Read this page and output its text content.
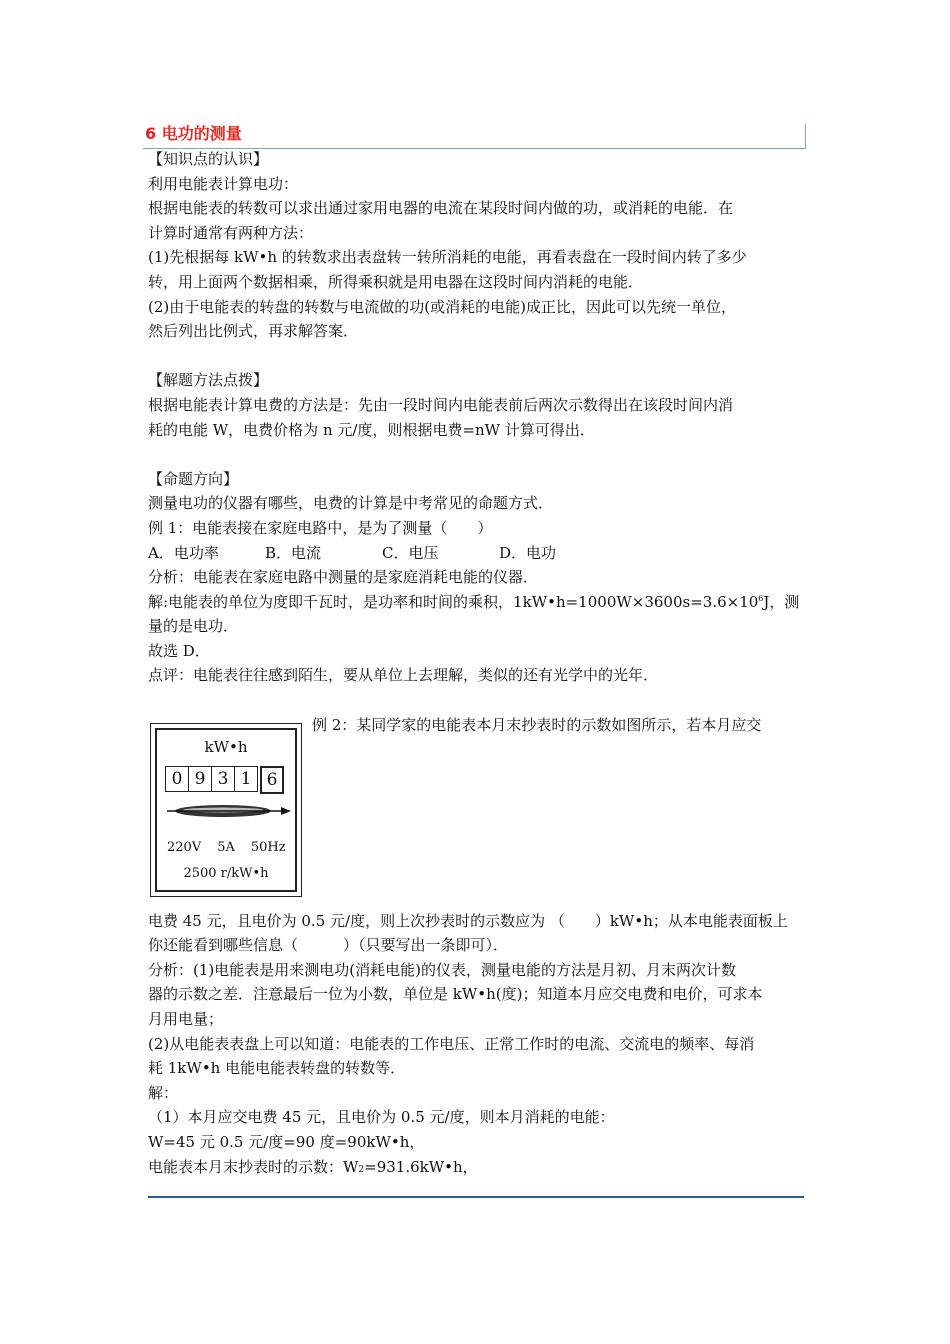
6 电功的测量
【知识点的认识】
利用电能表计算电功：
根据电能表的转数可以求出通过家用电器的电流在某段时间内做的功，或消耗的电能．在
计算时通常有两种方法：
(1)先根据每 kW•h 的转数求出表盘转一转所消耗的电能，再看表盘在一段时间内转了多少
转，用上面两个数据相乘，所得乘积就是用电器在这段时间内消耗的电能．
(2)由于电能表的转盘的转数与电流做的功(或消耗的电能)成正比，因此可以先统一单位，
然后列出比例式，再求解答案．
【解题方法点拨】
根据电能表计算电费的方法是：先由一段时间内电能表前后两次示数得出在该段时间内消
耗的电能 W，电费价格为 n 元/度，则根据电费=nW 计算可得出．
【命题方向】
测量电功的仪器有哪些，电费的计算是中考常见的命题方式．
例 1：电能表接在家庭电路中，是为了测量（　　）
A．电功率	B．电流	C．电压	D．电功
分析：电能表在家庭电路中测量的是家庭消耗电能的仪器．
解:电能表的单位为度即千瓦时，是功率和时间的乘积，$1kW•h=1000W\times 3600s=3.6\times 10^6J$，测
量的是电功．
故选 D．
点评：电能表往往感到陌生，要从单位上去理解，类似的还有光学中的光年．
kW•h
0 9 3 1 6
220V 5A 50Hz
2500 r/kW•h
例 2：某同学家的电能表本月末抄表时的示数如图所示，若本月应交
电费 45 元，且电价为 0.5 元/度，则上次抄表时的示数应为 （　　）kW•h；从本电能表面板上
你还能看到哪些信息（　　　）（只要写出一条即可）．
分析：(1)电能表是用来测电功(消耗电能)的仪表，测量电能的方法是月初、月末两次计数
器的示数之差．注意最后一位为小数，单位是 kW•h(度)；知道本月应交电费和电价，可求本
月用电量；
(2)从电能表表盘上可以知道：电能表的工作电压、正常工作时的电流、交流电的频率、每消
耗 1kW•h 电能电能表转盘的转数等．
解：
（1）本月应交电费 45 元，且电价为 0.5 元/度，则本月消耗的电能：
W=45 元 0.5 元/度=90 度=90kW•h，
电能表本月末抄表时的示数：W2=931.6kW•h，
